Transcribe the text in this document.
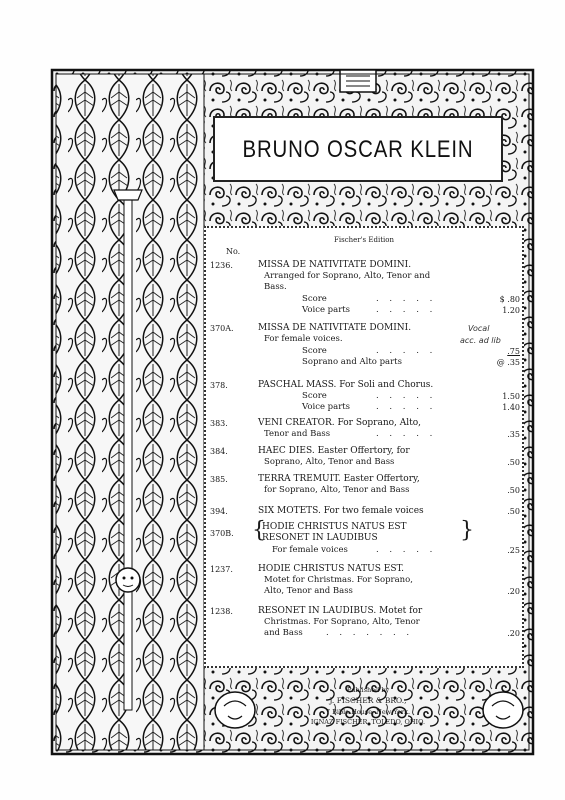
BRUNO OSCAR KLEIN
Fischer's Edition
No.
1236.	MISSA DE NATIVITATE DOMINI.
Arranged for Soprano, Alto, Tenor and
Bass.
Score	. . . . .	$ .80
Voice parts	. . . . .	1.20
370A.	MISSA DE NATIVITATE DOMINI.
For female voices.
Score	. . . . .	.75
Soprano and Alto parts	@ .35
Vocal
acc. ad lib
378.	PASCHAL MASS. For Soli and Chorus.
Score	. . . . .	1.50
Voice parts	. . . . .	1.40
383.	VENI CREATOR. For Soprano, Alto,
Tenor and Bass	. . . . .	.35
384.	HAEC DIES. Easter Offertory, for
Soprano, Alto, Tenor and Bass	.50
385.	TERRA TREMUIT. Easter Offertory,
for Soprano, Alto, Tenor and Bass	.50
394.	SIX MOTETS. For two female voices	.50
370B. {
HODIE CHRISTUS NATUS EST
RESONET IN LAUDIBUS	}
For female voices	. . . . .	.25
1237.	HODIE CHRISTUS NATUS EST.
Motet for Christmas. For Soprano,
Alto, Tenor and Bass	.20
1238.	RESONET IN LAUDIBUS. Motet for
Christmas. For Soprano, Alto, Tenor
and Bass	. . . . . . .	.20
Published by
J. FISCHER & BRO.,
7 Bible House, New York.
IGNAZ FISCHER, TOLEDO, OHIO.
